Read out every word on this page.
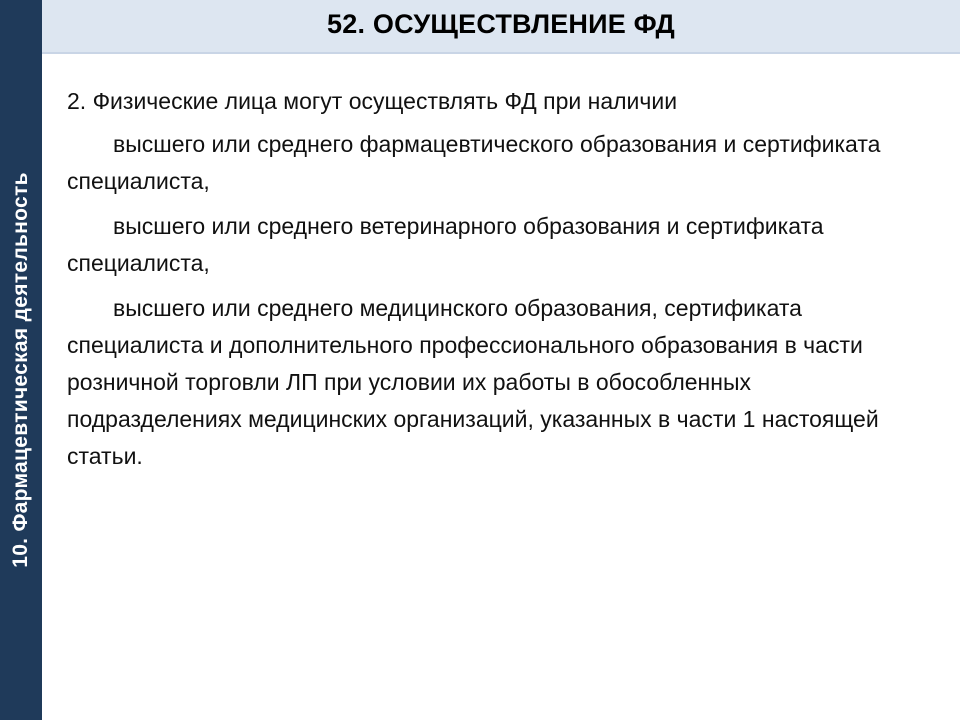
10. Фармацевтическая деятельность
52. ОСУЩЕСТВЛЕНИЕ ФД

2. Физические лица могут осуществлять ФД при наличии

высшего или среднего фармацевтического образования и сертификата специалиста,

высшего или среднего ветеринарного образования и сертификата специалиста,

высшего или среднего медицинского образования, сертификата специалиста и дополнительного профессионального образования в части розничной торговли ЛП при условии их работы в обособленных подразделениях медицинских организаций, указанных в части 1 настоящей статьи.
